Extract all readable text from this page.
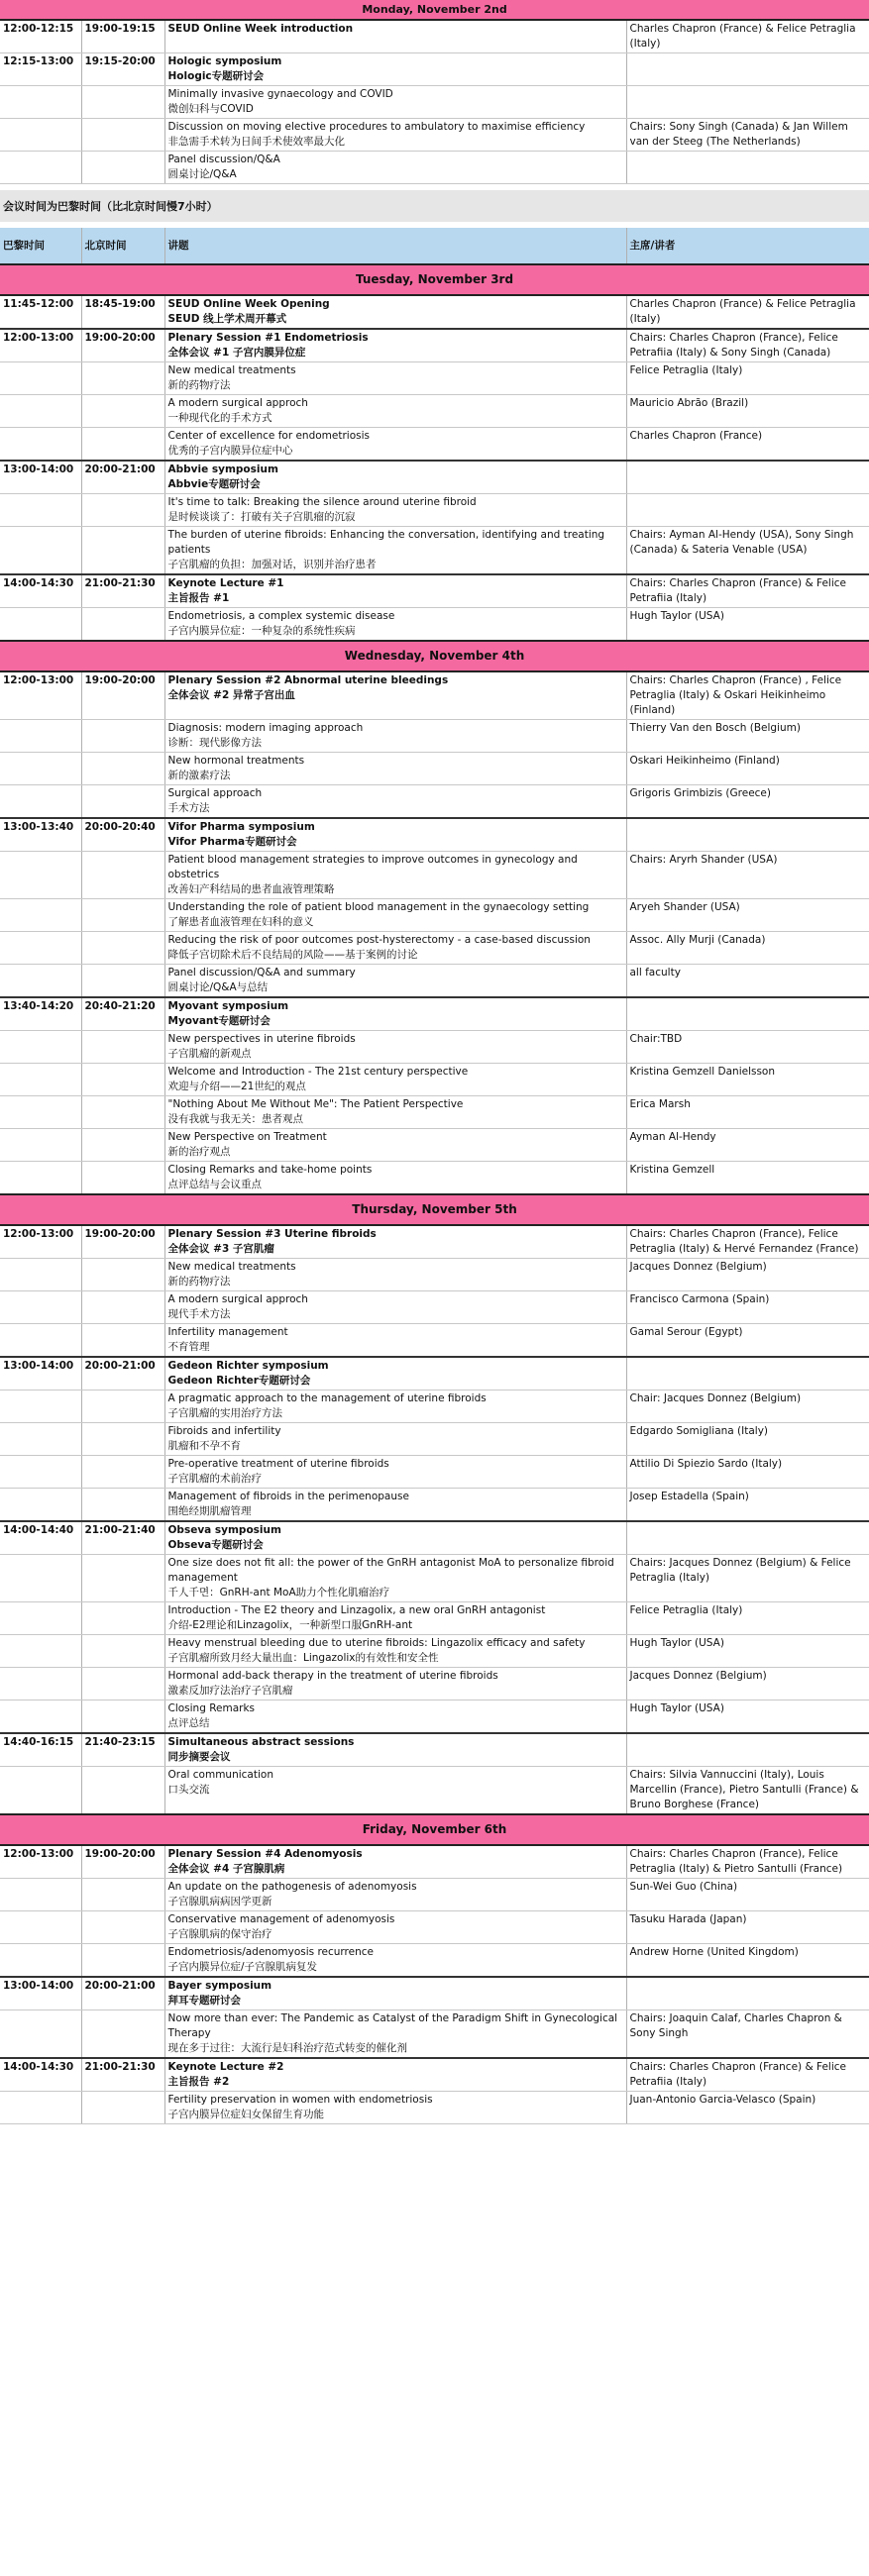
Monday, November 2nd			
12:00-12:15	19:00-19:15	SEUD Online Week introduction	Charles Chapron (France) & Felice Petraglia (Italy)
12:15-13:00	19:15-20:00	Hologic symposium
Hologic专题研讨会	

		Minimally invasive gynaecology and COVID
微创妇科与COVID	

		Discussion on moving elective procedures to ambulatory to maximise efficiency
非急需手术转为日间手术使效率最大化	Chairs: Sony Singh (Canada) & Jan Willem van der Steeg (The Netherlands)

		Panel discussion/Q&A
圆桌讨论/Q&A	

会议时间为巴黎时间（比北京时间慢7小时）			

巴黎时间	北京时间	讲题	主席/讲者
Tuesday, November 3rd			
11:45-12:00	18:45-19:00	SEUD Online Week Opening
SEUD 线上学术周开幕式	Charles Chapron (France) & Felice Petraglia (Italy)
12:00-13:00	19:00-20:00	Plenary Session #1 Endometriosis
全体会议 #1 子宫内膜异位症	Chairs: Charles Chapron (France), Felice Petrafiia (Italy) & Sony Singh (Canada)

		New medical treatments
新的药物疗法	Felice Petraglia (Italy)

		A modern surgical approch
一种现代化的手术方式	Mauricio Abrão (Brazil)

		Center of excellence for endometriosis
优秀的子宫内膜异位症中心	Charles Chapron (France)
13:00-14:00	20:00-21:00	Abbvie symposium
Abbvie专题研讨会	

		It's time to talk: Breaking the silence around uterine fibroid
是时候谈谈了：打破有关子宫肌瘤的沉寂	

		The burden of uterine fibroids: Enhancing the conversation, identifying and treating patients
子宫肌瘤的负担：加强对话，识别并治疗患者	Chairs: Ayman Al-Hendy (USA), Sony Singh (Canada) & Sateria Venable (USA)
14:00-14:30	21:00-21:30	Keynote Lecture #1
主旨报告 #1	Chairs: Charles Chapron (France) & Felice Petrafiia (Italy)

		Endometriosis, a complex systemic disease
子宫内膜异位症：一种复杂的系统性疾病	Hugh Taylor (USA)
Wednesday, November 4th			
12:00-13:00	19:00-20:00	Plenary Session #2 Abnormal uterine bleedings
全体会议 #2 异常子宫出血	Chairs: Charles Chapron (France) , Felice Petraglia (Italy) & Oskari Heikinheimo (Finland)

		Diagnosis: modern imaging approach
诊断：现代影像方法	Thierry Van den Bosch (Belgium)

		New hormonal treatments
新的激素疗法	Oskari Heikinheimo (Finland)

		Surgical approach
手术方法	Grigoris Grimbizis (Greece)
13:00-13:40	20:00-20:40	Vifor Pharma symposium
Vifor Pharma专题研讨会	

		Patient blood management strategies to improve outcomes in gynecology and obstetrics
改善妇产科结局的患者血液管理策略	Chairs: Aryrh Shander (USA)

		Understanding the role of patient blood management in the gynaecology setting
了解患者血液管理在妇科的意义	Aryeh Shander (USA)

		Reducing the risk of poor outcomes post-hysterectomy - a case-based discussion
降低子宫切除术后不良结局的风险——基于案例的讨论	Assoc. Ally Murji (Canada)

		Panel discussion/Q&A and summary
圆桌讨论/Q&A与总结	all faculty
13:40-14:20	20:40-21:20	Myovant symposium
Myovant专题研讨会	

		New perspectives in uterine fibroids
子宫肌瘤的新观点	Chair:TBD

		Welcome and Introduction - The 21st century perspective
欢迎与介绍——21世纪的观点	Kristina Gemzell Danielsson

		"Nothing About Me Without Me": The Patient Perspective
没有我就与我无关：患者观点	Erica Marsh

		New Perspective on Treatment
新的治疗观点	Ayman Al-Hendy

		Closing Remarks and take-home points
点评总结与会议重点	Kristina Gemzell
Thursday, November 5th			
12:00-13:00	19:00-20:00	Plenary Session #3 Uterine fibroids
全体会议 #3 子宫肌瘤	Chairs: Charles Chapron (France), Felice Petraglia (Italy) & Hervé Fernandez (France)

		New medical treatments
新的药物疗法	Jacques Donnez (Belgium)

		A modern surgical approch
现代手术方法	Francisco Carmona (Spain)

		Infertility management
不育管理	Gamal Serour (Egypt)
13:00-14:00	20:00-21:00	Gedeon Richter symposium
Gedeon Richter专题研讨会	

		A pragmatic approach to the management of uterine fibroids
子宫肌瘤的实用治疗方法	Chair: Jacques Donnez (Belgium)

		Fibroids and infertility
肌瘤和不孕不育	Edgardo Somigliana (Italy)

		Pre-operative treatment of uterine fibroids
子宫肌瘤的术前治疗	Attilio Di Spiezio Sardo (Italy)

		Management of fibroids in the perimenopause
围绝经期肌瘤管理	Josep Estadella (Spain)
14:00-14:40	21:00-21:40	Obseva symposium
Obseva专题研讨会	

		One size does not fit all: the power of the GnRH antagonist MoA to personalize fibroid management
千人千면：GnRH-ant MoA助力个性化肌瘤治疗	Chairs: Jacques Donnez (Belgium) & Felice Petraglia (Italy)

		Introduction - The E2 theory and Linzagolix, a new oral GnRH antagonist
介绍-E2理论和Linzagolix，一种新型口服GnRH-ant	Felice Petraglia (Italy)

		Heavy menstrual bleeding due to uterine fibroids: Lingazolix efficacy and safety
子宫肌瘤所致月经大量出血：Lingazolix的有效性和安全性	Hugh Taylor (USA)

		Hormonal add-back therapy in the treatment of uterine fibroids
激素反加疗法治疗子宫肌瘤	Jacques Donnez (Belgium)

		Closing Remarks
点评总结	Hugh Taylor (USA)
14:40-16:15	21:40-23:15	Simultaneous abstract sessions
同步摘要会议	

		Oral communication
口头交流	Chairs: Silvia Vannuccini (Italy), Louis Marcellin (France), Pietro Santulli (France) & Bruno Borghese (France)
Friday, November 6th			
12:00-13:00	19:00-20:00	Plenary Session #4 Adenomyosis
全体会议 #4 子宫腺肌病	Chairs: Charles Chapron (France), Felice Petraglia (Italy) & Pietro Santulli (France)

		An update on the pathogenesis of adenomyosis
子宫腺肌病病因学更新	Sun-Wei Guo (China)

		Conservative management of adenomyosis
子宫腺肌病的保守治疗	Tasuku Harada (Japan)

		Endometriosis/adenomyosis recurrence
子宫内膜异位症/子宫腺肌病复发	Andrew Horne (United Kingdom)
13:00-14:00	20:00-21:00	Bayer symposium
拜耳专题研讨会	

		Now more than ever: The Pandemic as Catalyst of the Paradigm Shift in Gynecological Therapy
现在多于过往：大流行是妇科治疗范式转变的催化剂	Chairs: Joaquin Calaf, Charles Chapron & Sony Singh
14:00-14:30	21:00-21:30	Keynote Lecture #2
主旨报告 #2	Chairs: Charles Chapron (France) & Felice Petrafiia (Italy)

		Fertility preservation in women with endometriosis
子宫内膜异位症妇女保留生育功能	Juan-Antonio Garcia-Velasco (Spain)
